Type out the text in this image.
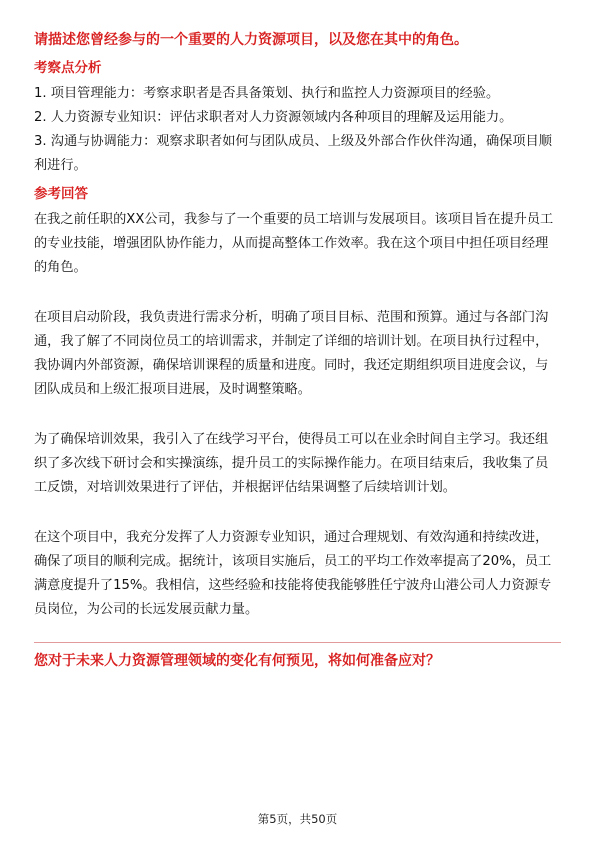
请描述您曾经参与的一个重要的人力资源项目，以及您在其中的角色。

考察点分析

1. 项目管理能力：考察求职者是否具备策划、执行和监控人力资源项目的经验。

2. 人力资源专业知识：评估求职者对人力资源领域内各种项目的理解及运用能力。

3. 沟通与协调能力：观察求职者如何与团队成员、上级及外部合作伙伴沟通，确保项目顺利进行。

参考回答

在我之前任职的XX公司，我参与了一个重要的员工培训与发展项目。该项目旨在提升员工的专业技能，增强团队协作能力，从而提高整体工作效率。我在这个项目中担任项目经理的角色。

在项目启动阶段，我负责进行需求分析，明确了项目目标、范围和预算。通过与各部门沟通，我了解了不同岗位员工的培训需求，并制定了详细的培训计划。在项目执行过程中，我协调内外部资源，确保培训课程的质量和进度。同时，我还定期组织项目进度会议，与团队成员和上级汇报项目进展，及时调整策略。

为了确保培训效果，我引入了在线学习平台，使得员工可以在业余时间自主学习。我还组织了多次线下研讨会和实操演练，提升员工的实际操作能力。在项目结束后，我收集了员工反馈，对培训效果进行了评估，并根据评估结果调整了后续培训计划。

在这个项目中，我充分发挥了人力资源专业知识，通过合理规划、有效沟通和持续改进，确保了项目的顺利完成。据统计，该项目实施后，员工的平均工作效率提高了20%，员工满意度提升了15%。我相信，这些经验和技能将使我能够胜任宁波舟山港公司人力资源专员岗位，为公司的长远发展贡献力量。

您对于未来人力资源管理领域的变化有何预见，将如何准备应对？

第5页，共50页
